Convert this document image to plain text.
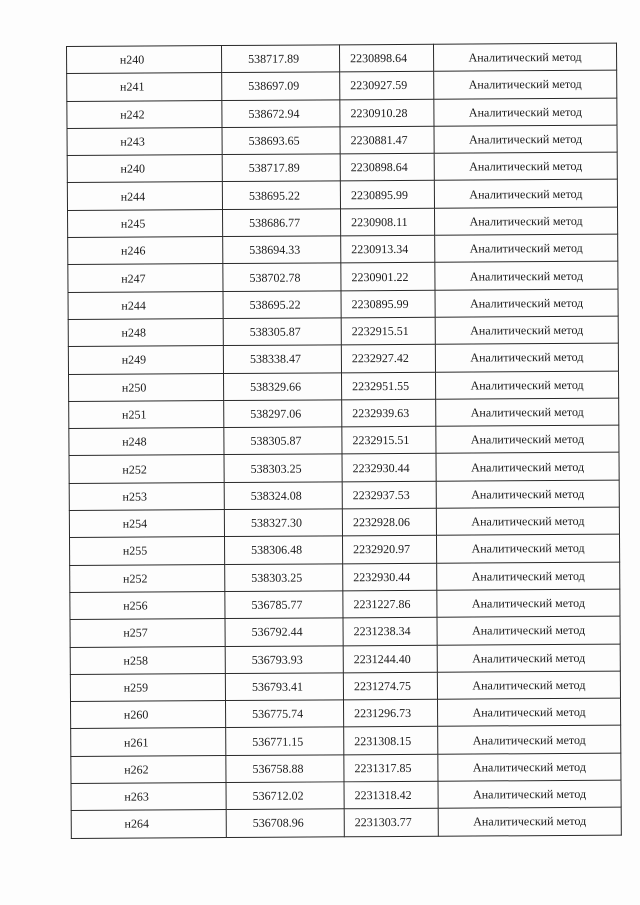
н240	538717.89	2230898.64	Аналитический метод
н241	538697.09	2230927.59	Аналитический метод
н242	538672.94	2230910.28	Аналитический метод
н243	538693.65	2230881.47	Аналитический метод
н240	538717.89	2230898.64	Аналитический метод
н244	538695.22	2230895.99	Аналитический метод
н245	538686.77	2230908.11	Аналитический метод
н246	538694.33	2230913.34	Аналитический метод
н247	538702.78	2230901.22	Аналитический метод
н244	538695.22	2230895.99	Аналитический метод
н248	538305.87	2232915.51	Аналитический метод
н249	538338.47	2232927.42	Аналитический метод
н250	538329.66	2232951.55	Аналитический метод
н251	538297.06	2232939.63	Аналитический метод
н248	538305.87	2232915.51	Аналитический метод
н252	538303.25	2232930.44	Аналитический метод
н253	538324.08	2232937.53	Аналитический метод
н254	538327.30	2232928.06	Аналитический метод
н255	538306.48	2232920.97	Аналитический метод
н252	538303.25	2232930.44	Аналитический метод
н256	536785.77	2231227.86	Аналитический метод
н257	536792.44	2231238.34	Аналитический метод
н258	536793.93	2231244.40	Аналитический метод
н259	536793.41	2231274.75	Аналитический метод
н260	536775.74	2231296.73	Аналитический метод
н261	536771.15	2231308.15	Аналитический метод
н262	536758.88	2231317.85	Аналитический метод
н263	536712.02	2231318.42	Аналитический метод
н264	536708.96	2231303.77	Аналитический метод
